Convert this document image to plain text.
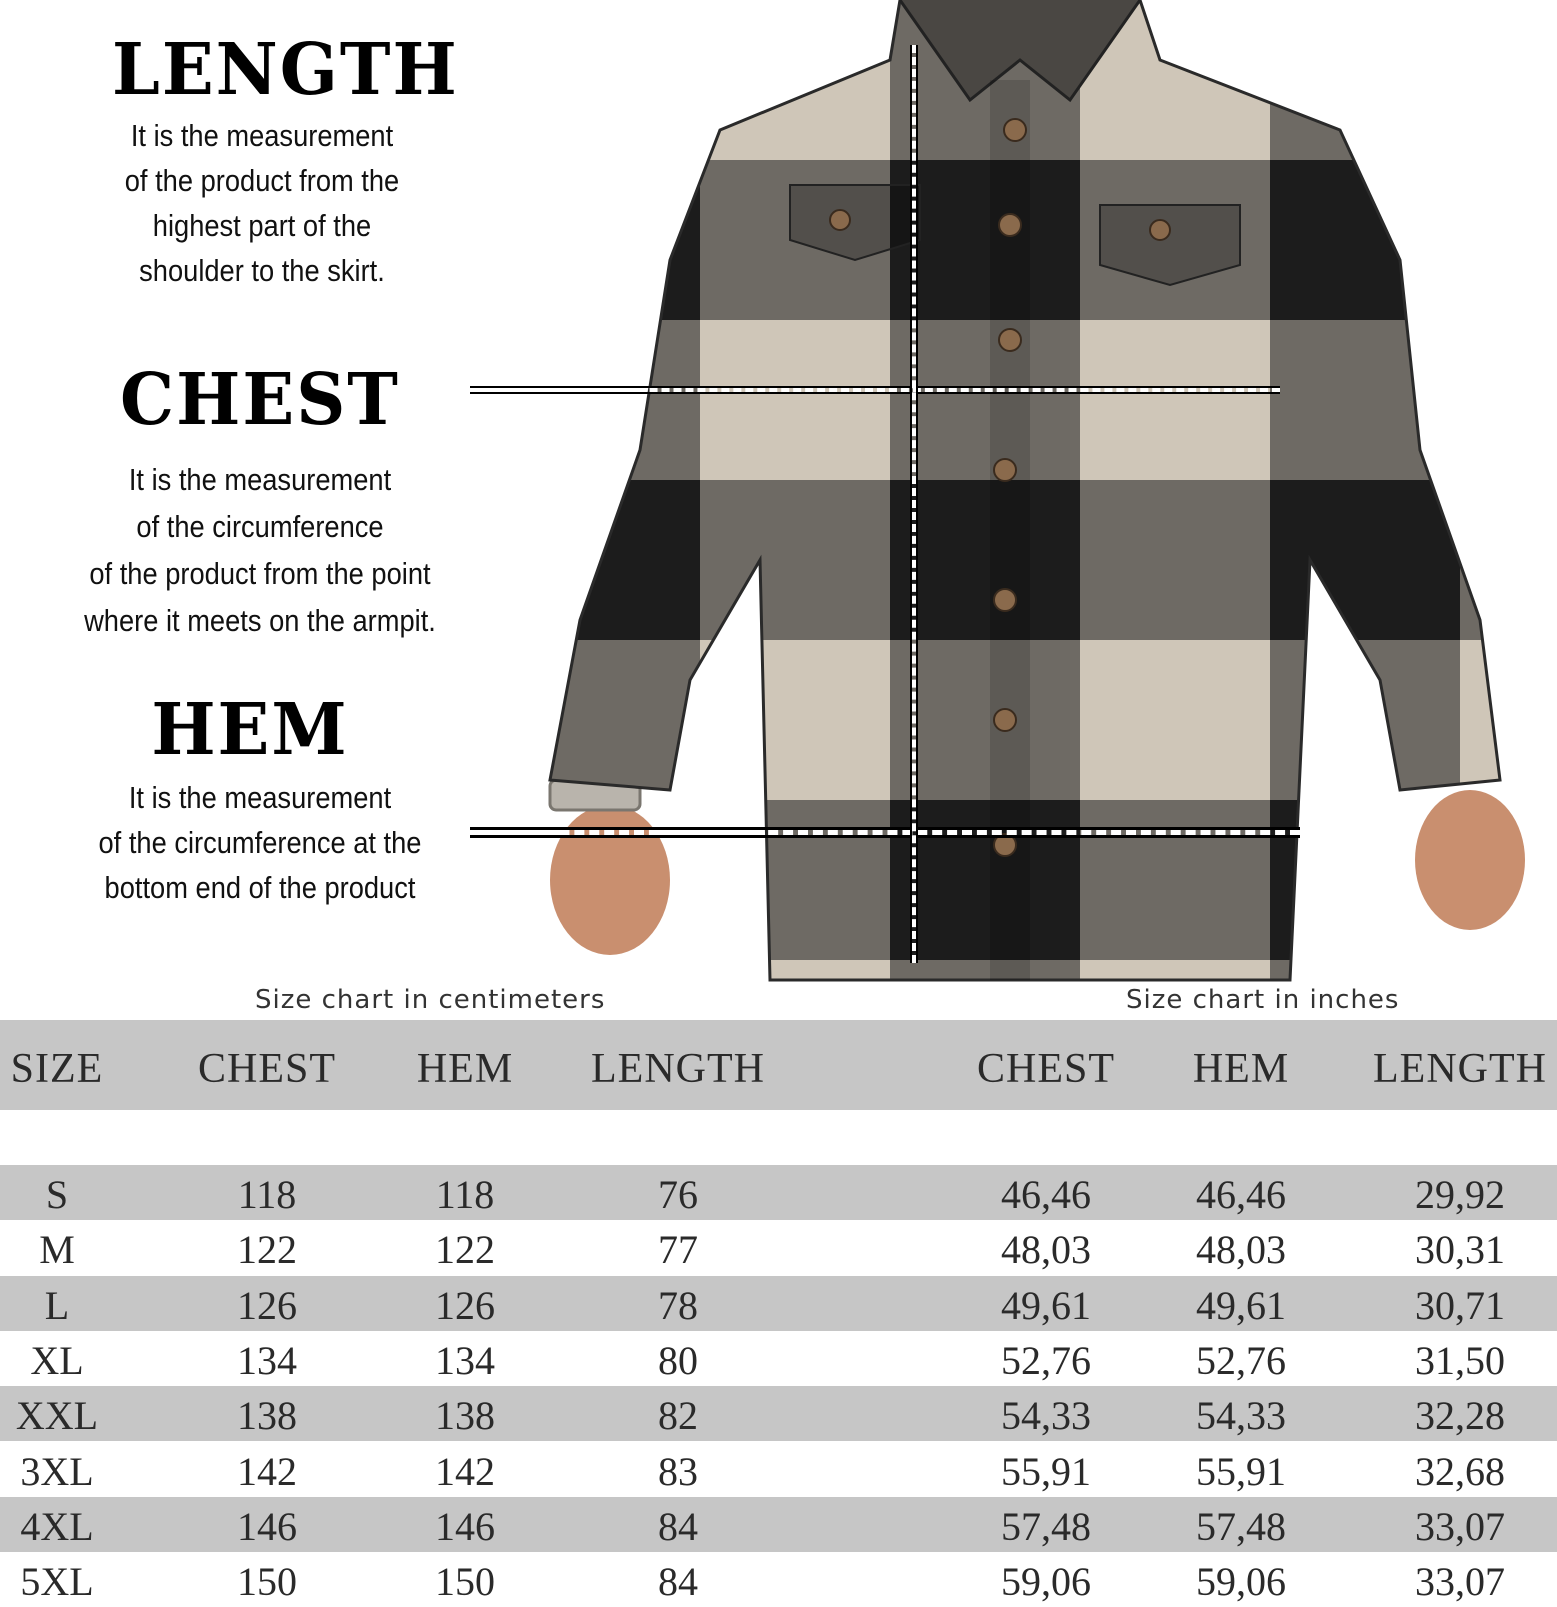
LENGTH
It is the measurement
of the product from the
highest part of the
shoulder to the skirt.
CHEST
It is the measurement
of the circumference
of the product from the point
where it meets on the armpit.
HEM
It is the measurement
of the circumference at the
bottom end of the product
Size chart in centimeters	Size chart in inches
SIZE CHEST HEM LENGTH	CHEST HEM LENGTH
S	118	118	76	46,46	46,46	29,92
M	122	122	77	48,03	48,03	30,31
L	126	126	78	49,61	49,61	30,71
XL	134	134	80	52,76	52,76	31,50
XXL	138	138	82	54,33	54,33	32,28
3XL	142	142	83	55,91	55,91	32,68
4XL	146	146	84	57,48	57,48	33,07
5XL	150	150	84	59,06	59,06	33,07
